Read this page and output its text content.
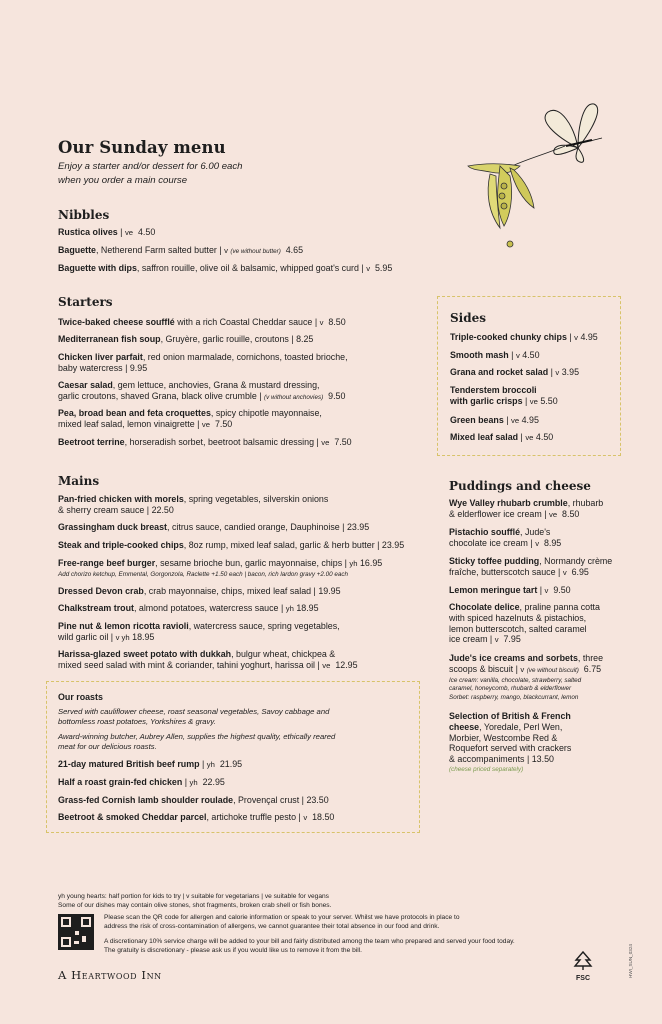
Our Sunday menu
Enjoy a starter and/or dessert for 6.00 each
when you order a main course
Nibbles
Rustica olives | ve 4.50
Baguette, Netherend Farm salted butter | v (ve without butter) 4.65
Baguette with dips, saffron rouille, olive oil & balsamic, whipped goat's curd | v 5.95
Starters
Twice-baked cheese soufflé with a rich Coastal Cheddar sauce | v 8.50
Mediterranean fish soup, Gruyère, garlic rouille, croutons | 8.25
Chicken liver parfait, red onion marmalade, cornichons, toasted brioche,
baby watercress | 9.95
Caesar salad, gem lettuce, anchovies, Grana & mustard dressing,
garlic croutons, shaved Grana, black olive crumble | (v without anchovies) 9.50
Pea, broad bean and feta croquettes, spicy chipotle mayonnaise,
mixed leaf salad, lemon vinaigrette | ve 7.50
Beetroot terrine, horseradish sorbet, beetroot balsamic dressing | ve 7.50
Mains
Pan-fried chicken with morels, spring vegetables, silverskin onions
& sherry cream sauce | 22.50
Grassingham duck breast, citrus sauce, candied orange, Dauphinoise | 23.95
Steak and triple-cooked chips, 8oz rump, mixed leaf salad, garlic & herb butter | 23.95
Free-range beef burger, sesame brioche bun, garlic mayonnaise, chips | yh 16.95
Add chorizo ketchup, Emmental, Gorgonzola, Raclette +1.50 each | bacon, rich lardon gravy +2.00 each
Dressed Devon crab, crab mayonnaise, chips, mixed leaf salad | 19.95
Chalkstream trout, almond potatoes, watercress sauce | yh 18.95
Pine nut & lemon ricotta ravioli, watercress sauce, spring vegetables,
wild garlic oil | v yh 18.95
Harissa-glazed sweet potato with dukkah, bulgur wheat, chickpea &
mixed seed salad with mint & coriander, tahini yoghurt, harissa oil | ve 12.95
Our roasts
Served with cauliflower cheese, roast seasonal vegetables, Savoy cabbage and
bottomless roast potatoes, Yorkshires & gravy.
Award-winning butcher, Aubrey Allen, supplies the highest quality, ethically reared
meat for our delicious roasts.
21-day matured British beef rump | yh 21.95
Half a roast grain-fed chicken | yh 22.95
Grass-fed Cornish lamb shoulder roulade, Provençal crust | 23.50
Beetroot & smoked Cheddar parcel, artichoke truffle pesto | v 18.50
Sides
Triple-cooked chunky chips | v 4.95
Smooth mash | v 4.50
Grana and rocket salad | v 3.95
Tenderstem broccoli
with garlic crisps | ve 5.50
Green beans | ve 4.95
Mixed leaf salad | ve 4.50
Puddings and cheese
Wye Valley rhubarb crumble, rhubarb
& elderflower ice cream | ve 8.50
Pistachio soufflé, Jude's
chocolate ice cream | v 8.95
Sticky toffee pudding, Normandy crème
fraîche, butterscotch sauce | v 6.95
Lemon meringue tart | v 9.50
Chocolate delice, praline panna cotta
with spiced hazelnuts & pistachios,
lemon butterscotch, salted caramel
ice cream | v 7.95
Jude's ice creams and sorbets, three
scoops & biscuit | v (ve without biscuit) 6.75
Ice cream: vanilla, chocolate, strawberry, salted
caramel, honeycomb, rhubarb & elderflower
Sorbet: raspberry, mango, blackcurrant, lemon
Selection of British & French
cheese, Yoredale, Perl Wen,
Morbier, Westcombe Red &
Roquefort served with crackers
& accompaniments | 13.50
(cheese priced separately)
yh young hearts: half portion for kids to try | v suitable for vegetarians | ve suitable for vegans
Some of our dishes may contain olive stones, shot fragments, broken crab shell or fish bones.
Please scan the QR code for allergen and calorie information or speak to your server. Whilst we have protocols in place to
address the risk of cross-contamination of allergens, we cannot guarantee their total absence in our food and drink.
A discretionary 10% service charge will be added to your bill and fairly distributed among the team who prepared and served your food today.
The gratuity is discretionary - please ask us if you would like us to remove it from the bill.
A Heartwood Inn	FSC
HWI_SUN_0324
